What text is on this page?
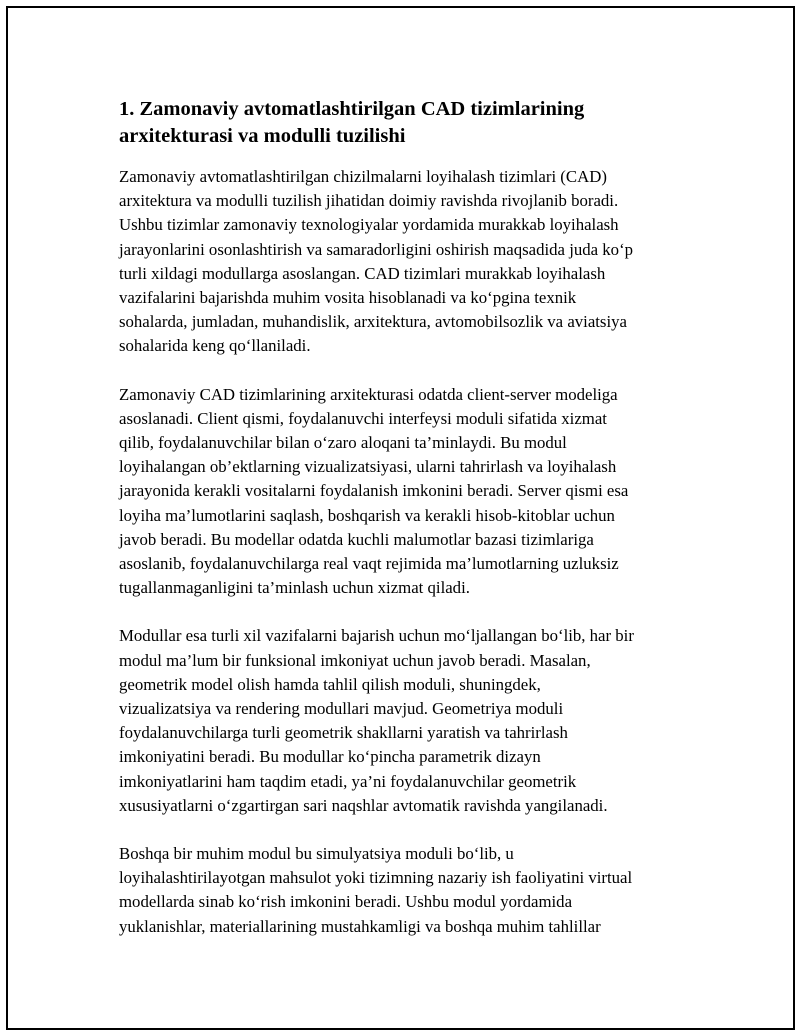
1. Zamonaviy avtomatlashtirilgan CAD tizimlarining
arxitekturasi va modulli tuzilishi

Zamonaviy avtomatlashtirilgan chizilmalarni loyihalash tizimlari (CAD)
arxitektura va modulli tuzilish jihatidan doimiy ravishda rivojlanib boradi.
Ushbu tizimlar zamonaviy texnologiyalar yordamida murakkab loyihalash
jarayonlarini osonlashtirish va samaradorligini oshirish maqsadida juda ko‘p
turli xildagi modullarga asoslangan. CAD tizimlari murakkab loyihalash
vazifalarini bajarishda muhim vosita hisoblanadi va ko‘pgina texnik
sohalarda, jumladan, muhandislik, arxitektura, avtomobilsozlik va aviatsiya
sohalarida keng qo‘llaniladi.

Zamonaviy CAD tizimlarining arxitekturasi odatda client-server modeliga
asoslanadi. Client qismi, foydalanuvchi interfeysi moduli sifatida xizmat
qilib, foydalanuvchilar bilan o‘zaro aloqani ta’minlaydi. Bu modul
loyihalangan ob’ektlarning vizualizatsiyasi, ularni tahrirlash va loyihalash
jarayonida kerakli vositalarni foydalanish imkonini beradi. Server qismi esa
loyiha ma’lumotlarini saqlash, boshqarish va kerakli hisob-kitoblar uchun
javob beradi. Bu modellar odatda kuchli malumotlar bazasi tizimlariga
asoslanib, foydalanuvchilarga real vaqt rejimida ma’lumotlarning uzluksiz
tugallanmaganligini ta’minlash uchun xizmat qiladi.

Modullar esa turli xil vazifalarni bajarish uchun mo‘ljallangan bo‘lib, har bir
modul ma’lum bir funksional imkoniyat uchun javob beradi. Masalan,
geometrik model olish hamda tahlil qilish moduli, shuningdek,
vizualizatsiya va rendering modullari mavjud. Geometriya moduli
foydalanuvchilarga turli geometrik shakllarni yaratish va tahrirlash
imkoniyatini beradi. Bu modullar ko‘pincha parametrik dizayn
imkoniyatlarini ham taqdim etadi, ya’ni foydalanuvchilar geometrik
xususiyatlarni o‘zgartirgan sari naqshlar avtomatik ravishda yangilanadi.

Boshqa bir muhim modul bu simulyatsiya moduli bo‘lib, u
loyihalashtirilayotgan mahsulot yoki tizimning nazariy ish faoliyatini virtual
modellarda sinab ko‘rish imkonini beradi. Ushbu modul yordamida
yuklanishlar, materiallarining mustahkamligi va boshqa muhim tahlillar
